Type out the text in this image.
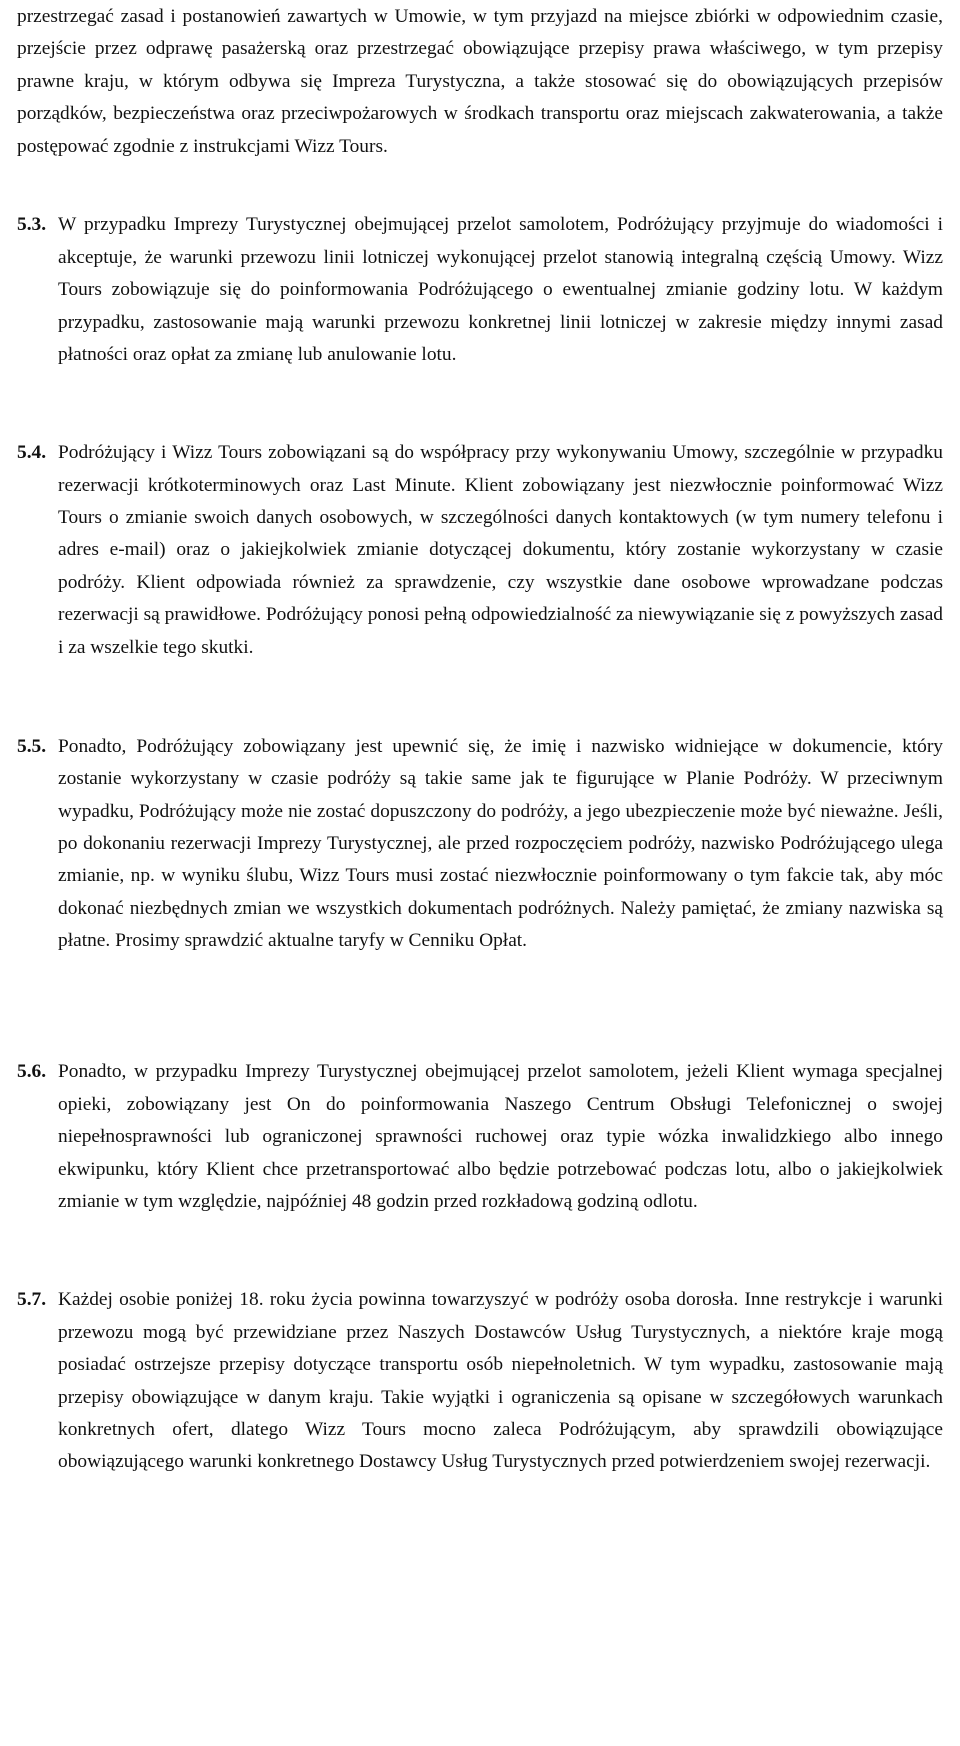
przestrzegać zasad i postanowień zawartych w Umowie, w tym przyjazd na miejsce zbiórki w odpowiednim czasie, przejście przez odprawę pasażerską oraz przestrzegać obowiązujące przepisy prawa właściwego, w tym przepisy prawne kraju, w którym odbywa się Impreza Turystyczna, a także stosować się do obowiązujących przepisów porządków, bezpieczeństwa oraz przeciwpożarowych w środkach transportu oraz miejscach zakwaterowania, a także postępować zgodnie z instrukcjami Wizz Tours.

5.3. W przypadku Imprezy Turystycznej obejmującej przelot samolotem, Podróżujący przyjmuje do wiadomości i akceptuje, że warunki przewozu linii lotniczej wykonującej przelot stanowią integralną częścią Umowy. Wizz Tours zobowiązuje się do poinformowania Podróżującego o ewentualnej zmianie godziny lotu. W każdym przypadku, zastosowanie mają warunki przewozu konkretnej linii lotniczej w zakresie między innymi zasad płatności oraz opłat za zmianę lub anulowanie lotu.

5.4. Podróżujący i Wizz Tours zobowiązani są do współpracy przy wykonywaniu Umowy, szczególnie w przypadku rezerwacji krótkoterminowych oraz Last Minute. Klient zobowiązany jest niezwłocznie poinformować Wizz Tours o zmianie swoich danych osobowych, w szczególności danych kontaktowych (w tym numery telefonu i adres e-mail) oraz o jakiejkolwiek zmianie dotyczącej dokumentu, który zostanie wykorzystany w czasie podróży. Klient odpowiada również za sprawdzenie, czy wszystkie dane osobowe wprowadzane podczas rezerwacji są prawidłowe. Podróżujący ponosi pełną odpowiedzialność za niewywiązanie się z powyższych zasad i za wszelkie tego skutki.

5.5. Ponadto, Podróżujący zobowiązany jest upewnić się, że imię i nazwisko widniejące w dokumencie, który zostanie wykorzystany w czasie podróży są takie same jak te figurujące w Planie Podróży. W przeciwnym wypadku, Podróżujący może nie zostać dopuszczony do podróży, a jego ubezpieczenie może być nieważne. Jeśli, po dokonaniu rezerwacji Imprezy Turystycznej, ale przed rozpoczęciem podróży, nazwisko Podróżującego ulega zmianie, np. w wyniku ślubu, Wizz Tours musi zostać niezwłocznie poinformowany o tym fakcie tak, aby móc dokonać niezbędnych zmian we wszystkich dokumentach podróżnych. Należy pamiętać, że zmiany nazwiska są płatne. Prosimy sprawdzić aktualne taryfy w Cenniku Opłat.

5.6. Ponadto, w przypadku Imprezy Turystycznej obejmującej przelot samolotem, jeżeli Klient wymaga specjalnej opieki, zobowiązany jest On do poinformowania Naszego Centrum Obsługi Telefonicznej o swojej niepełnosprawności lub ograniczonej sprawności ruchowej oraz typie wózka inwalidzkiego albo innego ekwipunku, który Klient chce przetransportować albo będzie potrzebować podczas lotu, albo o jakiejkolwiek zmianie w tym względzie, najpóźniej 48 godzin przed rozkładową godziną odlotu.

5.7. Każdej osobie poniżej 18. roku życia powinna towarzyszyć w podróży osoba dorosła. Inne restrykcje i warunki przewozu mogą być przewidziane przez Naszych Dostawców Usług Turystycznych, a niektóre kraje mogą posiadać ostrzejsze przepisy dotyczące transportu osób niepełnoletnich. W tym wypadku, zastosowanie mają przepisy obowiązujące w danym kraju. Takie wyjątki i ograniczenia są opisane w szczegółowych warunkach konkretnych ofert, dlatego Wizz Tours mocno zaleca Podróżującym, aby sprawdzili obowiązujące obowiązującego warunki konkretnego Dostawcy Usług Turystycznych przed potwierdzeniem swojej rezerwacji.
